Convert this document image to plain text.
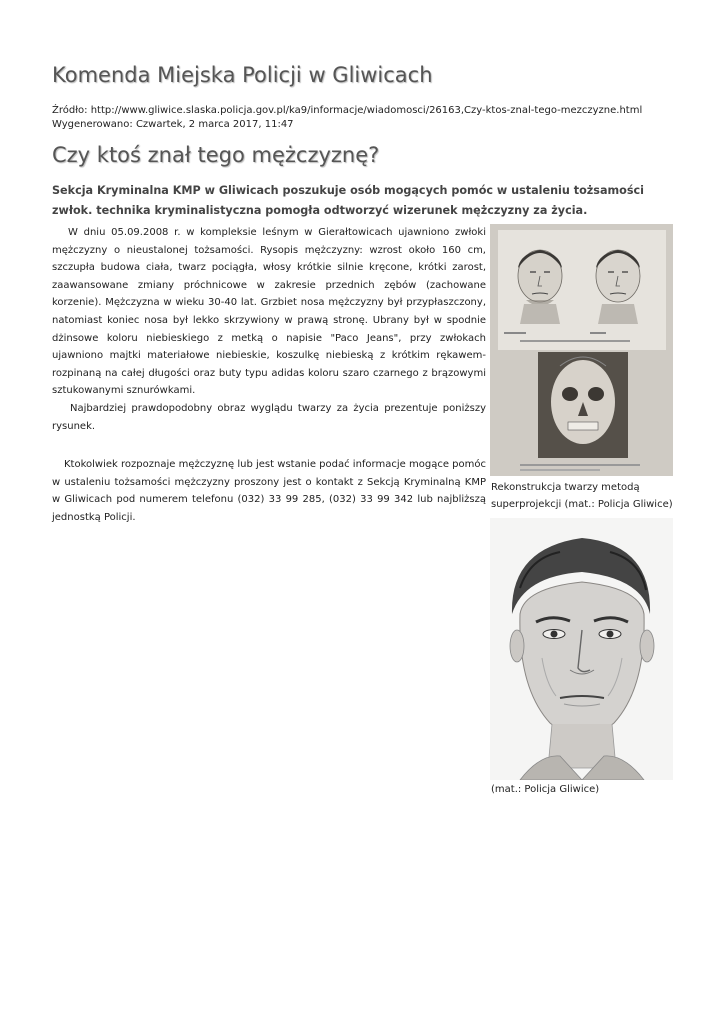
Komenda Miejska Policji w Gliwicach
Źródło: http://www.gliwice.slaska.policja.gov.pl/ka9/informacje/wiadomosci/26163,Czy-ktos-znal-tego-mezczyzne.html
Wygenerowano: Czwartek, 2 marca 2017, 11:47
Czy ktoś znał tego mężczyznę?
Sekcja Kryminalna KMP w Gliwicach poszukuje osób mogących pomóc w ustaleniu tożsamości zwłok. technika kryminalistyczna pomogła odtworzyć wizerunek mężczyzny za życia.

W dniu 05.09.2008 r. w kompleksie leśnym w Gierałtowicach ujawniono zwłoki mężczyzny o nieustalonej tożsamości. Rysopis mężczyzny: wzrost około 160 cm, szczupła budowa ciała, twarz pociągła, włosy krótkie silnie kręcone, krótki zarost, zaawansowane zmiany próchnicowe w zakresie przednich zębów (zachowane korzenie). Mężczyzna w wieku 30-40 lat. Grzbiet nosa mężczyzny był przypłaszczony, natomiast koniec nosa był lekko skrzywiony w prawą stronę. Ubrany był w spodnie dżinsowe koloru niebieskiego z metką o napisie "Paco Jeans", przy zwłokach ujawniono majtki materiałowe niebieskie, koszulkę niebieską z krótkim rękawem- rozpinaną na całej długości oraz buty typu adidas koloru szaro czarnego z brązowymi sztukowanymi sznurówkami.

Najbardziej prawdopodobny obraz wyglądu twarzy za życia prezentuje poniższy rysunek.

Ktokolwiek rozpoznaje mężczyznę lub jest wstanie podać informacje mogące pomóc w ustaleniu tożsamości mężczyzny proszony jest o kontakt z Sekcją Kryminalną KMP w Gliwicach pod numerem telefonu (032) 33 99 285, (032) 33 99 342 lub najbliższą jednostką Policji.

Rekonstrukcja twarzy metodą superprojekcji (mat.: Policja Gliwice)
(mat.: Policja Gliwice)
